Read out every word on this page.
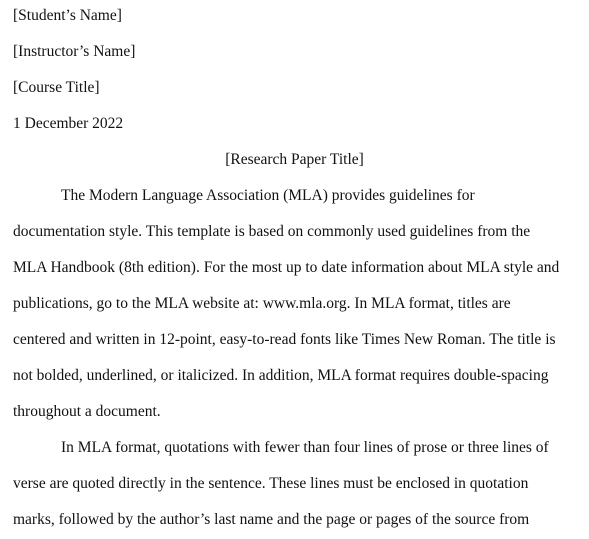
[Student’s Name]
[Instructor’s Name]
[Course Title]
1 December 2022
[Research Paper Title]
The Modern Language Association (MLA) provides guidelines for
documentation style. This template is based on commonly used guidelines from the
MLA Handbook (8th edition). For the most up to date information about MLA style and
publications, go to the MLA website at: www.mla.org. In MLA format, titles are
centered and written in 12-point, easy-to-read fonts like Times New Roman. The title is
not bolded, underlined, or italicized. In addition, MLA format requires double-spacing
throughout a document.
In MLA format, quotations with fewer than four lines of prose or three lines of
verse are quoted directly in the sentence. These lines must be enclosed in quotation
marks, followed by the author’s last name and the page or pages of the source from
